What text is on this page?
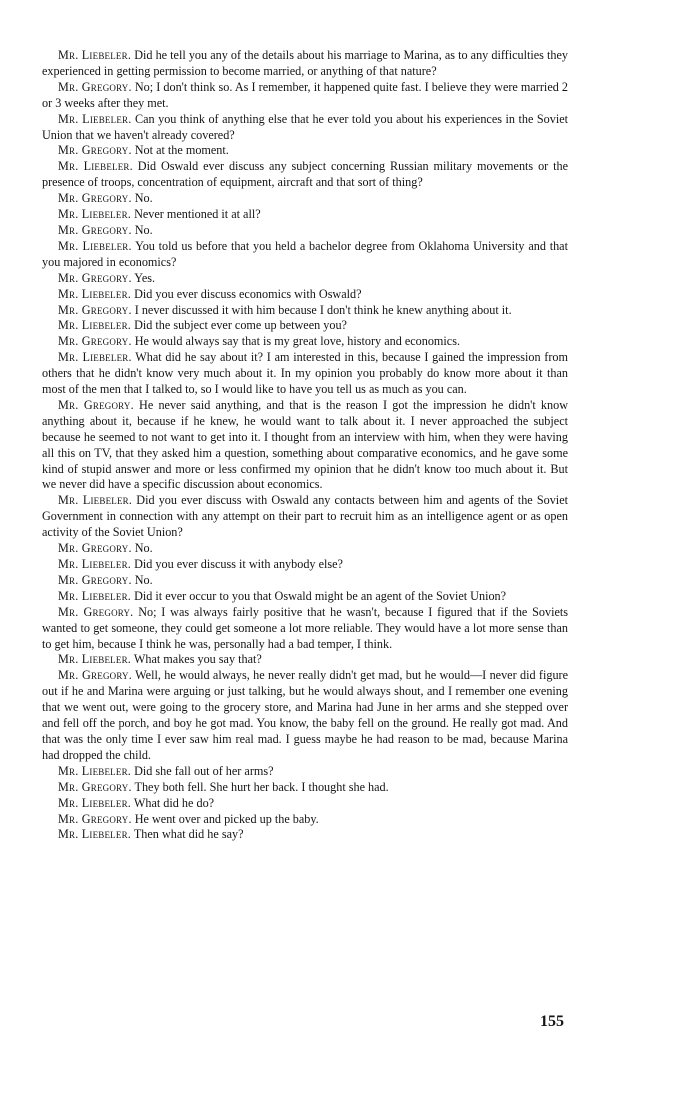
Mr. Liebeler. Did he tell you any of the details about his marriage to Marina, as to any difficulties they experienced in getting permission to become married, or anything of that nature?

Mr. Gregory. No; I don't think so. As I remember, it happened quite fast. I believe they were married 2 or 3 weeks after they met.

Mr. Liebeler. Can you think of anything else that he ever told you about his experiences in the Soviet Union that we haven't already covered?

Mr. Gregory. Not at the moment.

Mr. Liebeler. Did Oswald ever discuss any subject concerning Russian military movements or the presence of troops, concentration of equipment, aircraft and that sort of thing?

Mr. Gregory. No.

Mr. Liebeler. Never mentioned it at all?

Mr. Gregory. No.

Mr. Liebeler. You told us before that you held a bachelor degree from Oklahoma University and that you majored in economics?

Mr. Gregory. Yes.

Mr. Liebeler. Did you ever discuss economics with Oswald?

Mr. Gregory. I never discussed it with him because I don't think he knew anything about it.

Mr. Liebeler. Did the subject ever come up between you?

Mr. Gregory. He would always say that is my great love, history and economics.

Mr. Liebeler. What did he say about it? I am interested in this, because I gained the impression from others that he didn't know very much about it. In my opinion you probably do know more about it than most of the men that I talked to, so I would like to have you tell us as much as you can.

Mr. Gregory. He never said anything, and that is the reason I got the impression he didn't know anything about it, because if he knew, he would want to talk about it. I never approached the subject because he seemed to not want to get into it. I thought from an interview with him, when they were having all this on TV, that they asked him a question, something about comparative economics, and he gave some kind of stupid answer and more or less confirmed my opinion that he didn't know too much about it. But we never did have a specific discussion about economics.

Mr. Liebeler. Did you ever discuss with Oswald any contacts between him and agents of the Soviet Government in connection with any attempt on their part to recruit him as an intelligence agent or as open activity of the Soviet Union?

Mr. Gregory. No.

Mr. Liebeler. Did you ever discuss it with anybody else?

Mr. Gregory. No.

Mr. Liebeler. Did it ever occur to you that Oswald might be an agent of the Soviet Union?

Mr. Gregory. No; I was always fairly positive that he wasn't, because I figured that if the Soviets wanted to get someone, they could get someone a lot more reliable. They would have a lot more sense than to get him, because I think he was, personally had a bad temper, I think.

Mr. Liebeler. What makes you say that?

Mr. Gregory. Well, he would always, he never really didn't get mad, but he would—I never did figure out if he and Marina were arguing or just talking, but he would always shout, and I remember one evening that we went out, were going to the grocery store, and Marina had June in her arms and she stepped over and fell off the porch, and boy he got mad. You know, the baby fell on the ground. He really got mad. And that was the only time I ever saw him real mad. I guess maybe he had reason to be mad, because Marina had dropped the child.

Mr. Liebeler. Did she fall out of her arms?

Mr. Gregory. They both fell. She hurt her back. I thought she had.

Mr. Liebeler. What did he do?

Mr. Gregory. He went over and picked up the baby.

Mr. Liebeler. Then what did he say?

155
